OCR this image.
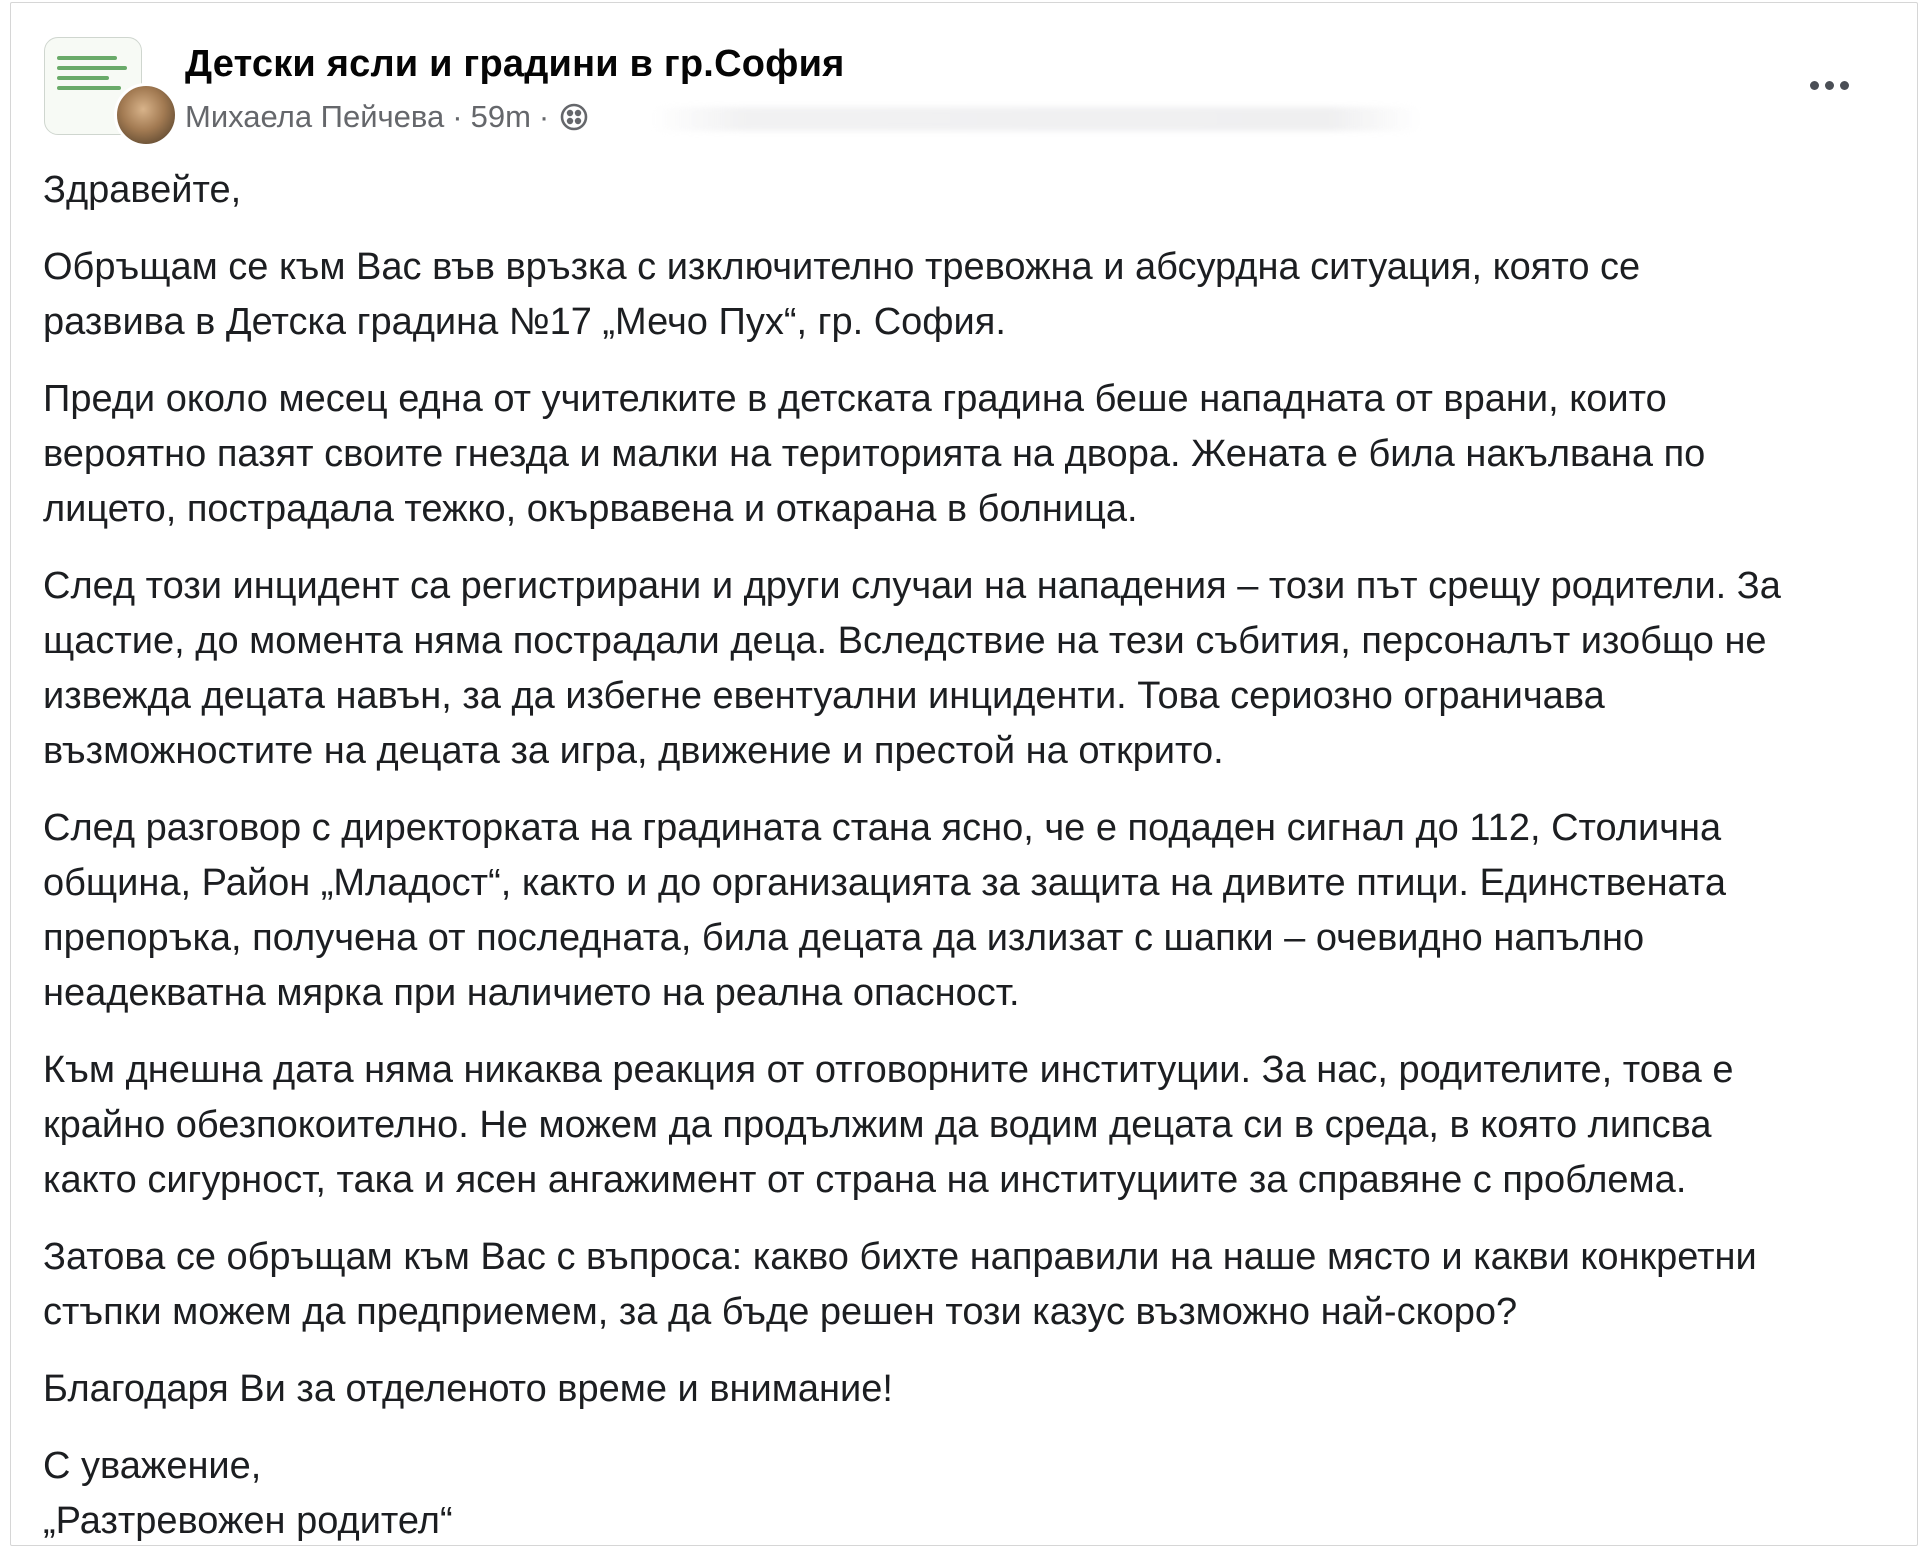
Детски ясли и градини в гр.София
Михаела Пейчева · 59m ·

Здравейте,

Обръщам се към Вас във връзка с изключително тревожна и абсурдна ситуация, която се
развива в Детска градина №17 „Мечо Пух“, гр. София.

Преди около месец една от учителките в детската градина беше нападната от врани, които
вероятно пазят своите гнезда и малки на територията на двора. Жената е била накълвана по
лицето, пострадала тежко, окървавена и откарана в болница.

След този инцидент са регистрирани и други случаи на нападения – този път срещу родители. За
щастие, до момента няма пострадали деца. Вследствие на тези събития, персоналът изобщо не
извежда децата навън, за да избегне евентуални инциденти. Това сериозно ограничава
възможностите на децата за игра, движение и престой на открито.

След разговор с директорката на градината стана ясно, че е подаден сигнал до 112, Столична
община, Район „Младост“, както и до организацията за защита на дивите птици. Единствената
препоръка, получена от последната, била децата да излизат с шапки – очевидно напълно
неадекватна мярка при наличието на реална опасност.

Към днешна дата няма никаква реакция от отговорните институции. За нас, родителите, това е
крайно обезпокоително. Не можем да продължим да водим децата си в среда, в която липсва
както сигурност, така и ясен ангажимент от страна на институциите за справяне с проблема.

Затова се обръщам към Вас с въпроса: какво бихте направили на наше място и какви конкретни
стъпки можем да предприемем, за да бъде решен този казус възможно най-скоро?

Благодаря Ви за отделеното време и внимание!

С уважение,
„Разтревожен родител“
